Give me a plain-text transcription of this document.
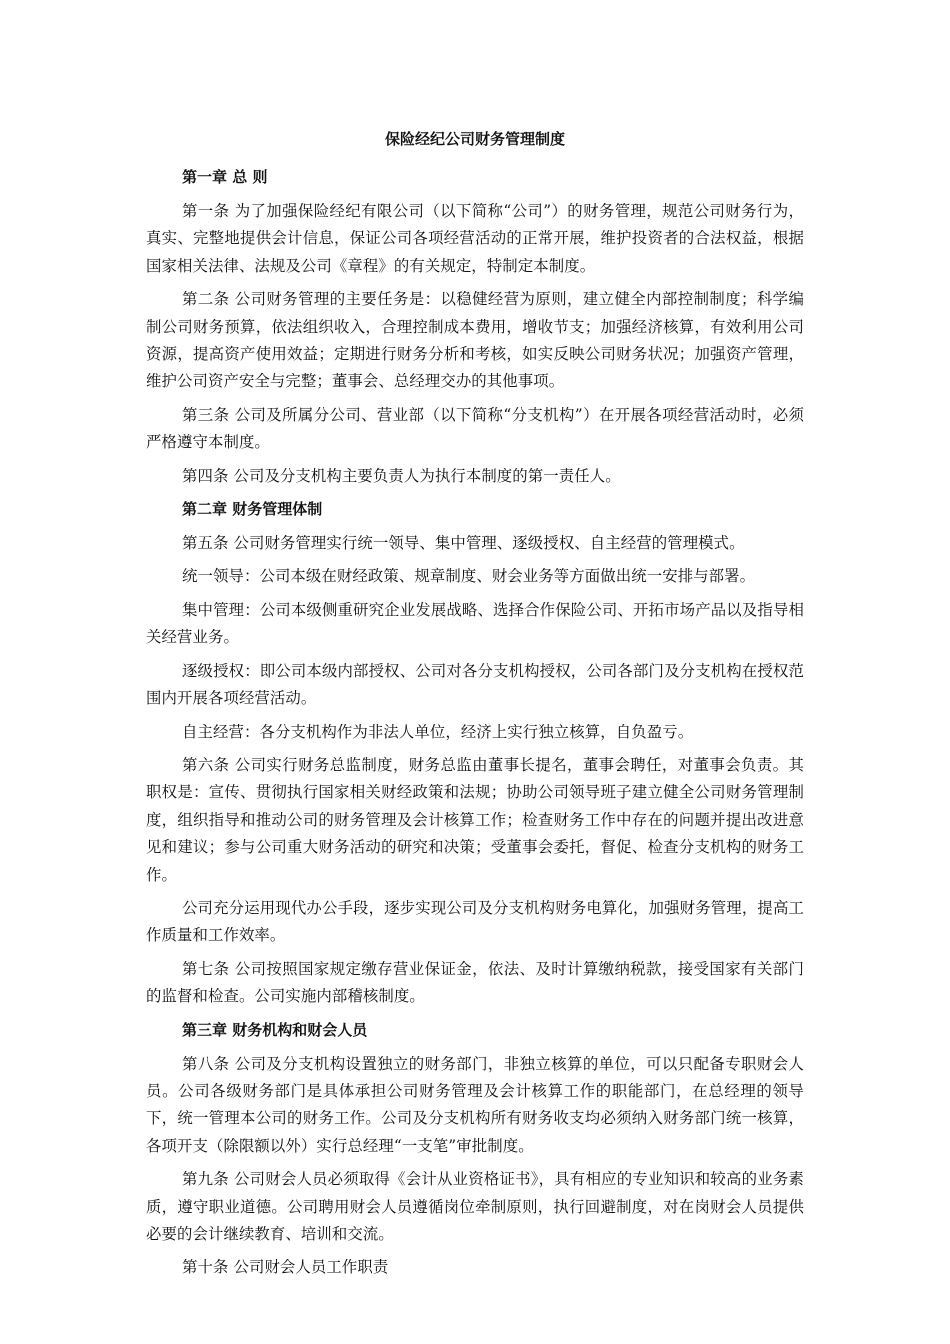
保险经纪公司财务管理制度
第一章 总 则
第一条 为了加强保险经纪有限公司（以下简称“公司”）的财务管理，规范公司财务行为，真实、完整地提供会计信息，保证公司各项经营活动的正常开展，维护投资者的合法权益，根据国家相关法律、法规及公司《章程》的有关规定，特制定本制度。
第二条 公司财务管理的主要任务是：以稳健经营为原则，建立健全内部控制制度；科学编制公司财务预算，依法组织收入，合理控制成本费用，增收节支；加强经济核算，有效利用公司资源，提高资产使用效益；定期进行财务分析和考核，如实反映公司财务状况；加强资产管理，维护公司资产安全与完整；董事会、总经理交办的其他事项。
第三条 公司及所属分公司、营业部（以下简称“分支机构”）在开展各项经营活动时，必须严格遵守本制度。
第四条 公司及分支机构主要负责人为执行本制度的第一责任人。
第二章 财务管理体制
第五条 公司财务管理实行统一领导、集中管理、逐级授权、自主经营的管理模式。
统一领导：公司本级在财经政策、规章制度、财会业务等方面做出统一安排与部署。
集中管理：公司本级侧重研究企业发展战略、选择合作保险公司、开拓市场产品以及指导相关经营业务。
逐级授权：即公司本级内部授权、公司对各分支机构授权，公司各部门及分支机构在授权范围内开展各项经营活动。
自主经营：各分支机构作为非法人单位，经济上实行独立核算，自负盈亏。
第六条 公司实行财务总监制度，财务总监由董事长提名，董事会聘任，对董事会负责。其职权是：宣传、贯彻执行国家相关财经政策和法规；协助公司领导班子建立健全公司财务管理制度，组织指导和推动公司的财务管理及会计核算工作；检查财务工作中存在的问题并提出改进意见和建议；参与公司重大财务活动的研究和决策；受董事会委托，督促、检查分支机构的财务工作。
公司充分运用现代办公手段，逐步实现公司及分支机构财务电算化，加强财务管理，提高工作质量和工作效率。
第七条 公司按照国家规定缴存营业保证金，依法、及时计算缴纳税款，接受国家有关部门的监督和检查。公司实施内部稽核制度。
第三章 财务机构和财会人员
第八条 公司及分支机构设置独立的财务部门，非独立核算的单位，可以只配备专职财会人员。公司各级财务部门是具体承担公司财务管理及会计核算工作的职能部门，在总经理的领导下，统一管理本公司的财务工作。公司及分支机构所有财务收支均必须纳入财务部门统一核算，各项开支（除限额以外）实行总经理“一支笔”审批制度。
第九条 公司财会人员必须取得《会计从业资格证书》，具有相应的专业知识和较高的业务素质，遵守职业道德。公司聘用财会人员遵循岗位牵制原则，执行回避制度，对在岗财会人员提供必要的会计继续教育、培训和交流。
第十条 公司财会人员工作职责
